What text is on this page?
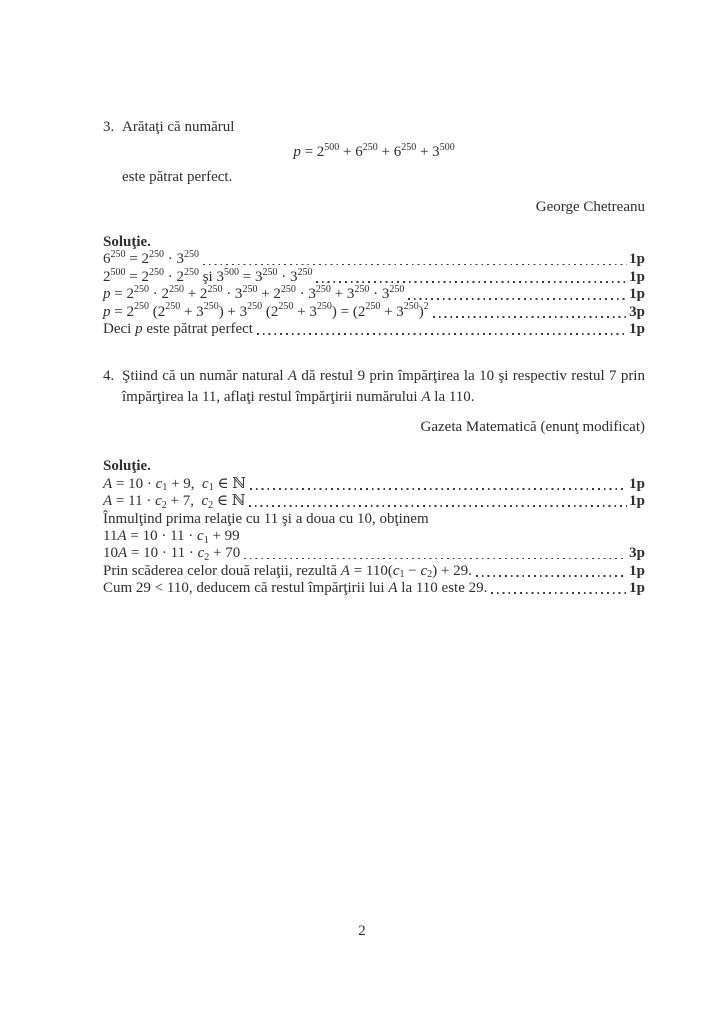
3. Arătaţi că numărul
$p = 2^{500} + 6^{250} + 6^{250} + 3^{500}$
este pătrat perfect.
George Chetreanu
Soluţie.
$6^{250} = 2^{250} \cdot 3^{250}$	1p
$2^{500} = 2^{250} \cdot 2^{250}$ şi $3^{500} = 3^{250} \cdot 3^{250}$	1p
$p = 2^{250} \cdot 2^{250} + 2^{250} \cdot 3^{250} + 2^{250} \cdot 3^{250} + 3^{250} \cdot 3^{250}$	1p
$p = 2^{250}$ $(2^{250} + 3^{250}) + 3^{250}$ $(2^{250} + 3^{250}) = (2^{250} + 3^{250})^2$	3p
Deci p este pătrat perfect	1p
4. Ştiind că un număr natural A dă restul 9 prin împărţirea la 10 şi respectiv restul 7 prin împărţirea la 11, aflaţi restul împărţirii numărului A la 110.
Gazeta Matematică (enunţ modificat)
Soluţie.
$A = 10 \cdot c_1 + 9$, $c_1$ ∈ ℕ	1p
$A = 11 \cdot c_2 + 7$, $c_2$ ∈ ℕ	1p
Înmulţind prima relaţie cu 11 şi a doua cu 10, obţinem
$11A = 10 \cdot 11 \cdot c_1 + 99$
$10A = 10 \cdot 11 \cdot c_2 + 70$	3p
Prin scăderea celor două relaţii, rezultă $A = 110(c_1 - c_2) + 29$.	1p
Cum 29 < 110, deducem că restul împărţirii lui A la 110 este 29.	1p
2
